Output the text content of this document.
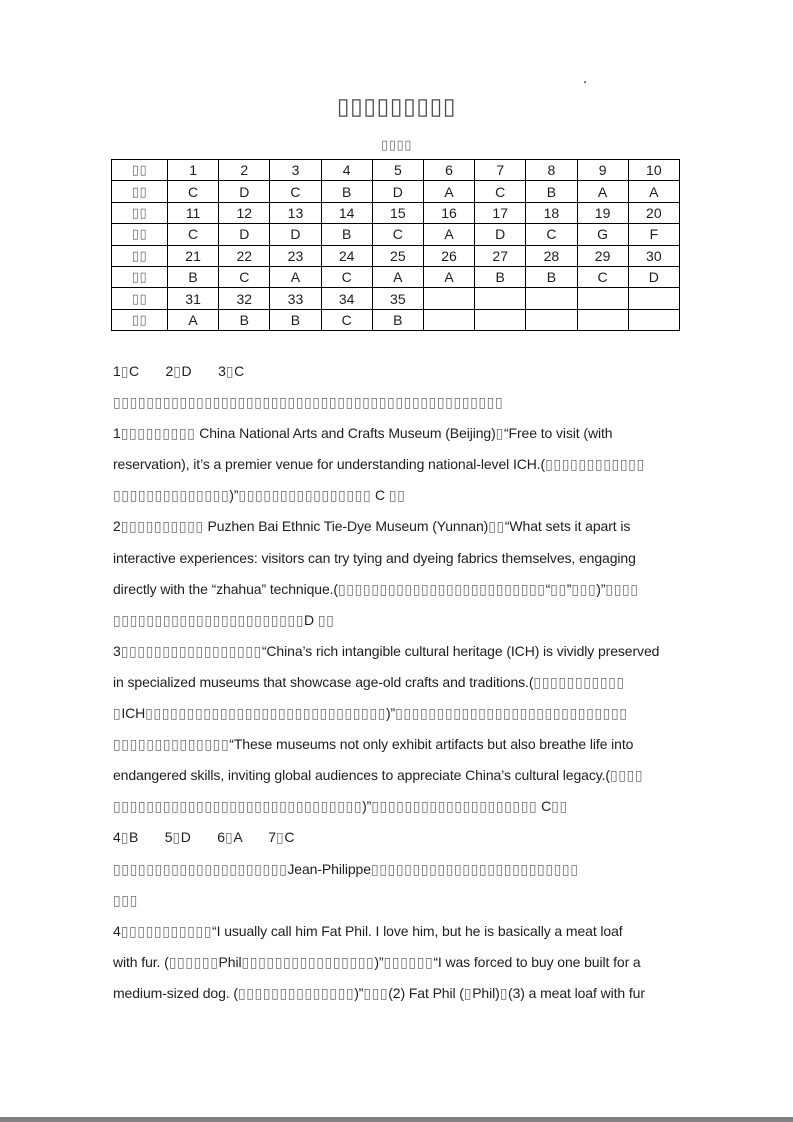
.
▯▯▯▯▯▯▯▯▯
▯▯▯▯
▯▯	1	2	3	4	5	6	7	8	9	10
▯▯	C	D	C	B	D	A	C	B	A	A
▯▯	11	12	13	14	15	16	17	18	19	20
▯▯	C	D	D	B	C	A	D	C	G	F
▯▯	21	22	23	24	25	26	27	28	29	30
▯▯	B	C	A	C	A	A	B	B	C	D
▯▯	31	32	33	34	35					
▯▯	A	B	B	C	B					
1▯C       2▯D       3▯C
▯▯▯▯▯▯▯▯▯▯▯▯▯▯▯▯▯▯▯▯▯▯▯▯▯▯▯▯▯▯▯▯▯▯▯▯▯▯▯▯▯▯▯▯▯▯▯
1▯▯▯▯▯▯▯▯▯ China National Arts and Crafts Museum (Beijing)▯“Free to visit (with
reservation), it’s a premier venue for understanding national-level ICH.(▯▯▯▯▯▯▯▯▯▯▯▯
▯▯▯▯▯▯▯▯▯▯▯▯▯▯)”▯▯▯▯▯▯▯▯▯▯▯▯▯▯▯▯ C ▯▯
2▯▯▯▯▯▯▯▯▯▯ Puzhen Bai Ethnic Tie-Dye Museum (Yunnan)▯▯“What sets it apart is
interactive experiences: visitors can try tying and dyeing fabrics themselves, engaging
directly with the “zhahua” technique.(▯▯▯▯▯▯▯▯▯▯▯▯▯▯▯▯▯▯▯▯▯▯▯▯▯“▯▯”▯▯▯)”▯▯▯▯
▯▯▯▯▯▯▯▯▯▯▯▯▯▯▯▯▯▯▯▯▯▯▯D ▯▯
3▯▯▯▯▯▯▯▯▯▯▯▯▯▯▯▯▯“China’s rich intangible cultural heritage (ICH) is vividly preserved
in specialized museums that showcase age-old crafts and traditions.(▯▯▯▯▯▯▯▯▯▯▯
▯ICH▯▯▯▯▯▯▯▯▯▯▯▯▯▯▯▯▯▯▯▯▯▯▯▯▯▯▯▯▯)”▯▯▯▯▯▯▯▯▯▯▯▯▯▯▯▯▯▯▯▯▯▯▯▯▯▯▯▯
▯▯▯▯▯▯▯▯▯▯▯▯▯▯“These museums not only exhibit artifacts but also breathe life into
endangered skills, inviting global audiences to appreciate China’s cultural legacy.(▯▯▯▯
▯▯▯▯▯▯▯▯▯▯▯▯▯▯▯▯▯▯▯▯▯▯▯▯▯▯▯▯▯▯)”▯▯▯▯▯▯▯▯▯▯▯▯▯▯▯▯▯▯▯▯ C▯▯
4▯B       5▯D       6▯A       7▯C
▯▯▯▯▯▯▯▯▯▯▯▯▯▯▯▯▯▯▯▯▯Jean-Philippe▯▯▯▯▯▯▯▯▯▯▯▯▯▯▯▯▯▯▯▯▯▯▯▯▯
▯▯▯
4▯▯▯▯▯▯▯▯▯▯▯“I usually call him Fat Phil. I love him, but he is basically a meat loaf
with fur. (▯▯▯▯▯▯Phil▯▯▯▯▯▯▯▯▯▯▯▯▯▯▯▯)”▯▯▯▯▯▯“I was forced to buy one built for a
medium-sized dog. (▯▯▯▯▯▯▯▯▯▯▯▯▯▯)”▯▯▯(2) Fat Phil (▯Phil)▯(3) a meat loaf with fur
